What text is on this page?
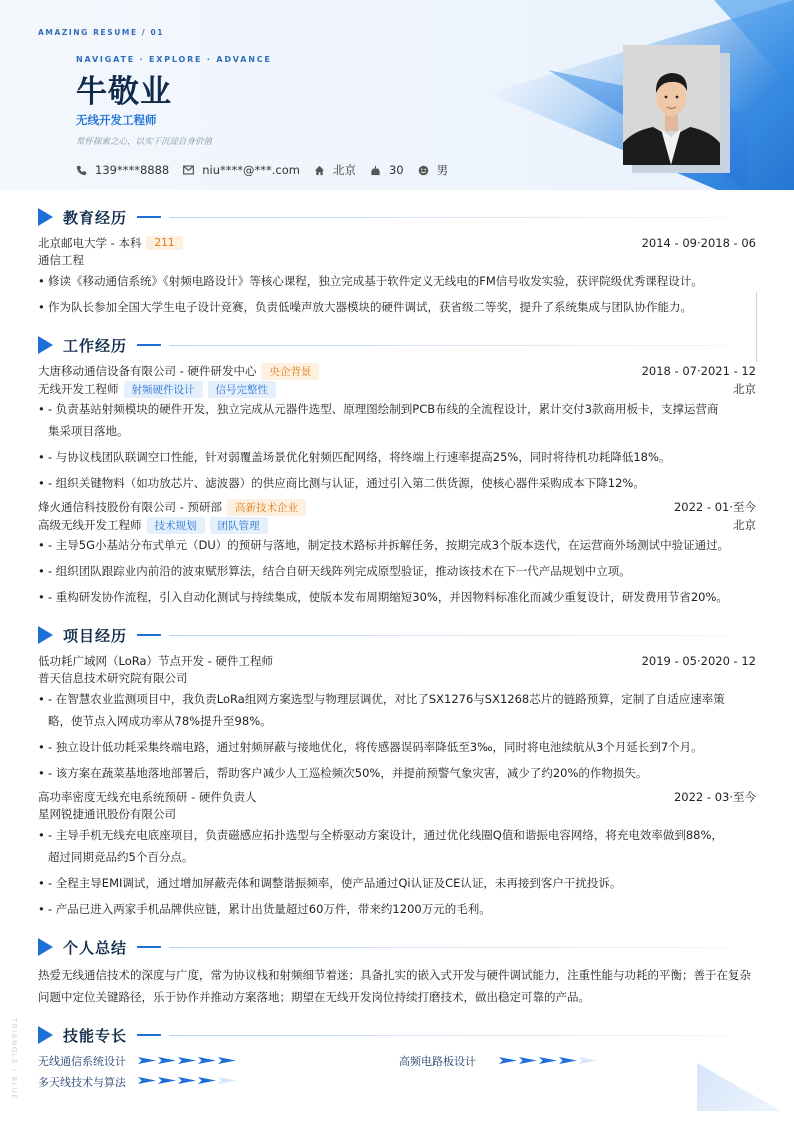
AMAZING RESUME / 01
NAVIGATE · EXPLORE · ADVANCE
牛敬业
无线开发工程师
常怀探索之心，以实干沉淀自身价值
139****8888	niu****@***.com	北京	30	男
教育经历
北京邮电大学 - 本科	211	2014 - 09·2018 - 06
通信工程
• 修读《移动通信系统》《射频电路设计》等核心课程，独立完成基于软件定义无线电的FM信号收发实验，获评院级优秀课程设计。
• 作为队长参加全国大学生电子设计竞赛，负责低噪声放大器模块的硬件调试，获省级二等奖，提升了系统集成与团队协作能力。
工作经历
大唐移动通信设备有限公司 - 硬件研发中心	央企背景	2018 - 07·2021 - 12
无线开发工程师	射频硬件设计	信号完整性	北京
• - 负责基站射频模块的硬件开发，独立完成从元器件选型、原理图绘制到PCB布线的全流程设计，累计交付3款商用板卡，支撑运营商
集采项目落地。
• - 与协议栈团队联调空口性能，针对弱覆盖场景优化射频匹配网络，将终端上行速率提高25%，同时将待机功耗降低18%。
• - 组织关键物料（如功放芯片、滤波器）的供应商比测与认证，通过引入第二供货源，使核心器件采购成本下降12%。
烽火通信科技股份有限公司 - 预研部	高新技术企业	2022 - 01·至今
高级无线开发工程师	技术规划	团队管理	北京
• - 主导5G小基站分布式单元（DU）的预研与落地，制定技术路标并拆解任务，按期完成3个版本迭代，在运营商外场测试中验证通过。
• - 组织团队跟踪业内前沿的波束赋形算法，结合自研天线阵列完成原型验证，推动该技术在下一代产品规划中立项。
• - 重构研发协作流程，引入自动化测试与持续集成，使版本发布周期缩短30%，并因物料标准化而减少重复设计，研发费用节省20%。
项目经历
低功耗广域网（LoRa）节点开发 - 硬件工程师	2019 - 05·2020 - 12
普天信息技术研究院有限公司
• - 在智慧农业监测项目中，我负责LoRa组网方案选型与物理层调优，对比了SX1276与SX1268芯片的链路预算，定制了自适应速率策
略，使节点入网成功率从78%提升至98%。
• - 独立设计低功耗采集终端电路，通过射频屏蔽与接地优化，将传感器误码率降低至3‰，同时将电池续航从3个月延长到7个月。
• - 该方案在蔬菜基地落地部署后，帮助客户减少人工巡检频次50%，并提前预警气象灾害，减少了约20%的作物损失。
高功率密度无线充电系统预研 - 硬件负责人	2022 - 03·至今
星网锐捷通讯股份有限公司
• - 主导手机无线充电底座项目，负责磁感应拓扑选型与全桥驱动方案设计，通过优化线圈Q值和谐振电容网络，将充电效率做到88%，
超过同期竞品约5个百分点。
• - 全程主导EMI调试，通过增加屏蔽壳体和调整谐振频率，使产品通过Qi认证及CE认证，未再接到客户干扰投诉。
• - 产品已进入两家手机品牌供应链，累计出货量超过60万件，带来约1200万元的毛利。
个人总结
热爱无线通信技术的深度与广度，常为协议栈和射频细节着迷；具备扎实的嵌入式开发与硬件调试能力，注重性能与功耗的平衡；善于在复杂问题中定位关键路径，乐于协作并推动方案落地；期望在无线开发岗位持续打磨技术，做出稳定可靠的产品。
技能专长
无线通信系统设计	高频电路板设计
多天线技术与算法
TRIANGLE / BLUE
